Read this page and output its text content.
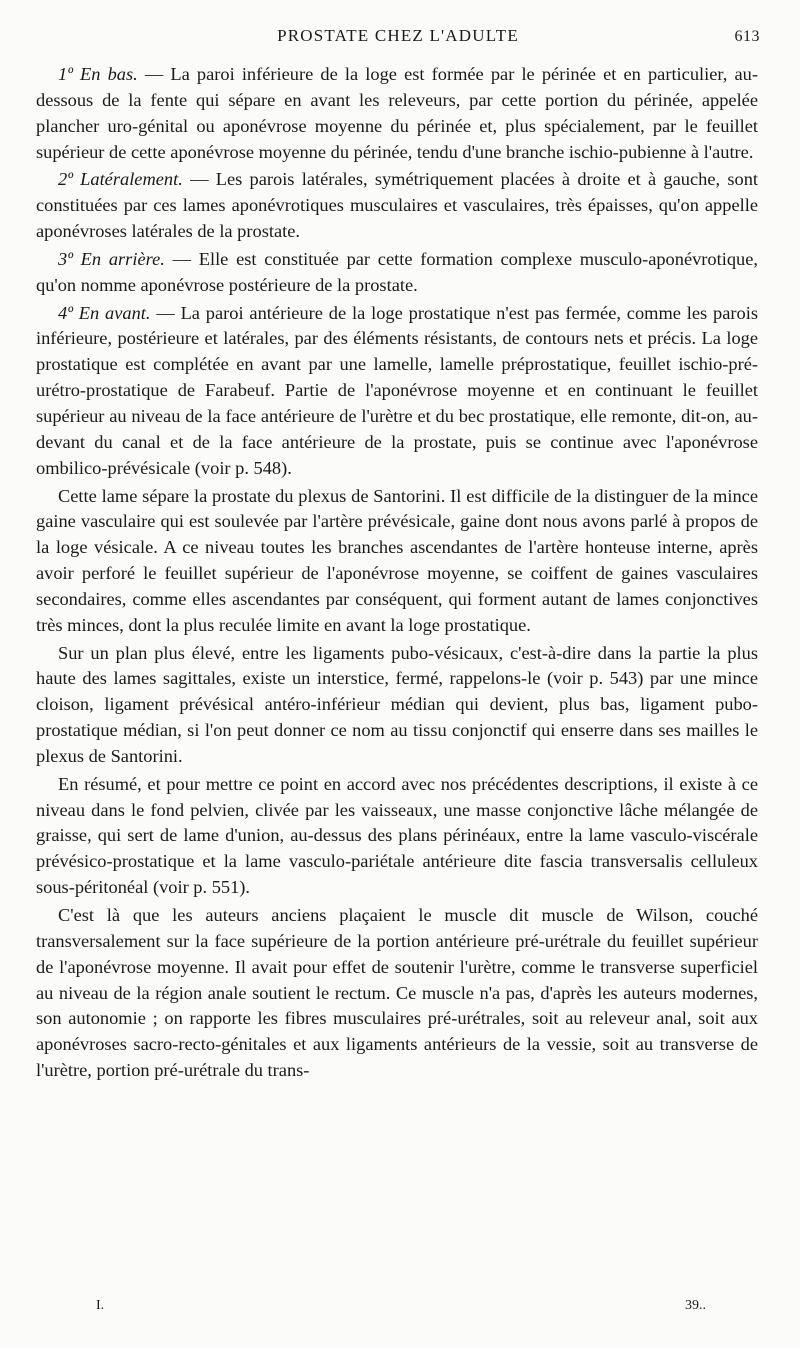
PROSTATE CHEZ L'ADULTE	613

1º En bas. — La paroi inférieure de la loge est formée par le périnée et en particulier, au-dessous de la fente qui sépare en avant les releveurs, par cette portion du périnée, appelée plancher uro-génital ou aponévrose moyenne du périnée et, plus spécialement, par le feuillet supérieur de cette aponévrose moyenne du périnée, tendu d'une branche ischio-pubienne à l'autre.

2º Latéralement. — Les parois latérales, symétriquement placées à droite et à gauche, sont constituées par ces lames aponévrotiques musculaires et vasculaires, très épaisses, qu'on appelle aponévroses latérales de la prostate.

3º En arrière. — Elle est constituée par cette formation complexe musculo-aponévrotique, qu'on nomme aponévrose postérieure de la prostate.

4º En avant. — La paroi antérieure de la loge prostatique n'est pas fermée, comme les parois inférieure, postérieure et latérales, par des éléments résistants, de contours nets et précis. La loge prostatique est complétée en avant par une lamelle, lamelle préprostatique, feuillet ischio-pré-urétro-prostatique de Farabeuf. Partie de l'aponévrose moyenne et en continuant le feuillet supérieur au niveau de la face antérieure de l'urètre et du bec prostatique, elle remonte, dit-on, au-devant du canal et de la face antérieure de la prostate, puis se continue avec l'aponévrose ombilico-prévésicale (voir p. 548).

Cette lame sépare la prostate du plexus de Santorini. Il est difficile de la distinguer de la mince gaine vasculaire qui est soulevée par l'artère prévésicale, gaine dont nous avons parlé à propos de la loge vésicale. A ce niveau toutes les branches ascendantes de l'artère honteuse interne, après avoir perforé le feuillet supérieur de l'aponévrose moyenne, se coiffent de gaines vasculaires secondaires, comme elles ascendantes par conséquent, qui forment autant de lames conjonctives très minces, dont la plus reculée limite en avant la loge prostatique.

Sur un plan plus élevé, entre les ligaments pubo-vésicaux, c'est-à-dire dans la partie la plus haute des lames sagittales, existe un interstice, fermé, rappelons-le (voir p. 543) par une mince cloison, ligament prévésical antéro-inférieur médian qui devient, plus bas, ligament pubo-prostatique médian, si l'on peut donner ce nom au tissu conjonctif qui enserre dans ses mailles le plexus de Santorini.

En résumé, et pour mettre ce point en accord avec nos précédentes descriptions, il existe à ce niveau dans le fond pelvien, clivée par les vaisseaux, une masse conjonctive lâche mélangée de graisse, qui sert de lame d'union, au-dessus des plans périnéaux, entre la lame vasculo-viscérale prévésico-prostatique et la lame vasculo-pariétale antérieure dite fascia transversalis celluleux sous-péritonéal (voir p. 551).

C'est là que les auteurs anciens plaçaient le muscle dit muscle de Wilson, couché transversalement sur la face supérieure de la portion antérieure pré-urétrale du feuillet supérieur de l'aponévrose moyenne. Il avait pour effet de soutenir l'urètre, comme le transverse superficiel au niveau de la région anale soutient le rectum. Ce muscle n'a pas, d'après les auteurs modernes, son autonomie ; on rapporte les fibres musculaires pré-urétrales, soit au releveur anal, soit aux aponévroses sacro-recto-génitales et aux ligaments antérieurs de la vessie, soit au transverse de l'urètre, portion pré-urétrale du trans-

I.	39..
